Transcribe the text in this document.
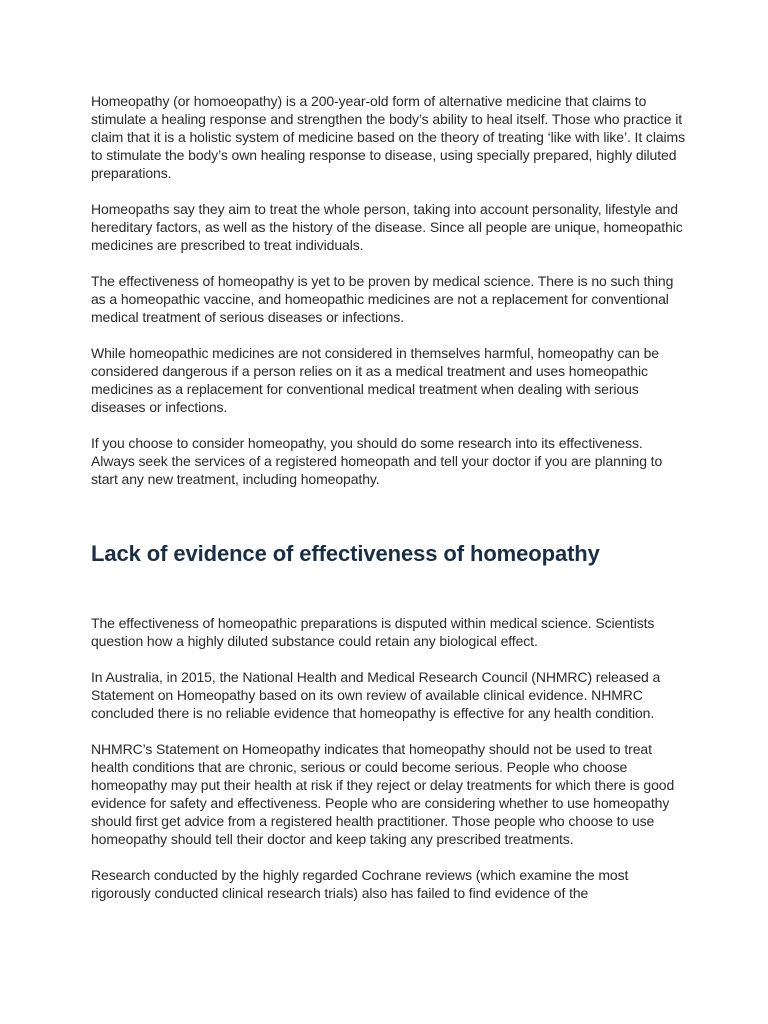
Homeopathy (or homoeopathy) is a 200-year-old form of alternative medicine that claims to stimulate a healing response and strengthen the body’s ability to heal itself. Those who practice it claim that it is a holistic system of medicine based on the theory of treating ‘like with like’. It claims to stimulate the body’s own healing response to disease, using specially prepared, highly diluted preparations.

Homeopaths say they aim to treat the whole person, taking into account personality, lifestyle and hereditary factors, as well as the history of the disease. Since all people are unique, homeopathic medicines are prescribed to treat individuals.

The effectiveness of homeopathy is yet to be proven by medical science. There is no such thing as a homeopathic vaccine, and homeopathic medicines are not a replacement for conventional medical treatment of serious diseases or infections.

While homeopathic medicines are not considered in themselves harmful, homeopathy can be considered dangerous if a person relies on it as a medical treatment and uses homeopathic medicines as a replacement for conventional medical treatment when dealing with serious diseases or infections.

If you choose to consider homeopathy, you should do some research into its effectiveness. Always seek the services of a registered homeopath and tell your doctor if you are planning to start any new treatment, including homeopathy.

Lack of evidence of effectiveness of homeopathy

The effectiveness of homeopathic preparations is disputed within medical science. Scientists question how a highly diluted substance could retain any biological effect.

In Australia, in 2015, the National Health and Medical Research Council (NHMRC) released a Statement on Homeopathy based on its own review of available clinical evidence. NHMRC concluded there is no reliable evidence that homeopathy is effective for any health condition.

NHMRC’s Statement on Homeopathy indicates that homeopathy should not be used to treat health conditions that are chronic, serious or could become serious. People who choose homeopathy may put their health at risk if they reject or delay treatments for which there is good evidence for safety and effectiveness. People who are considering whether to use homeopathy should first get advice from a registered health practitioner. Those people who choose to use homeopathy should tell their doctor and keep taking any prescribed treatments.

Research conducted by the highly regarded Cochrane reviews (which examine the most rigorously conducted clinical research trials) also has failed to find evidence of the
